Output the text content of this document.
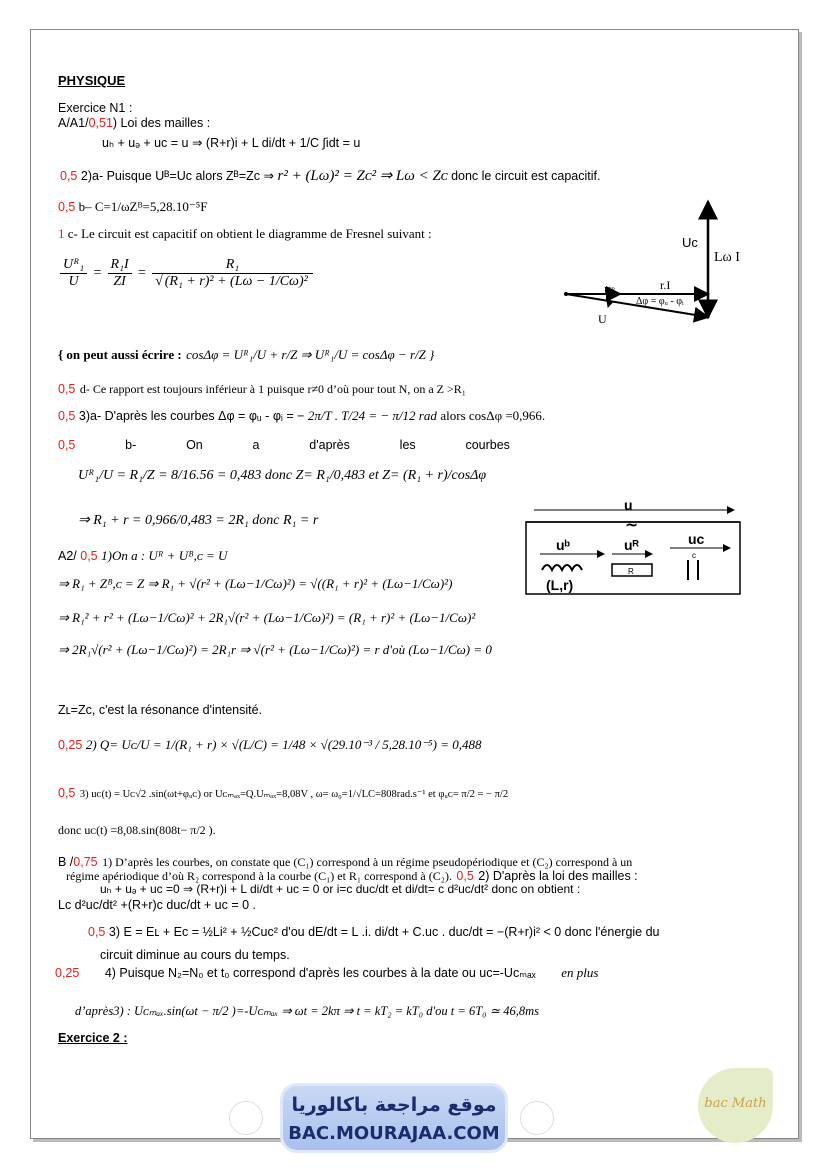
PHYSIQUE
Exercice N1 :
A/A1/0,51) Loi des mailles :
uₕ + uₔ + uᴄ = u ⇒ (R+r)i + L di/dt + 1/C ∫idt = u
0,5 2)a- Puisque Uᴮ=Uᴄ alors Zᴮ=Zᴄ ⇒ r² + (Lω)² = Zᴄ² ⇒ Lω < Zᴄ donc le circuit est capacitif.
0,5 b– C=1/ωZᴮ=5,28.10⁻⁵F
1 c- Le circuit est capacitif on obtient le diagramme de Fresnel suivant :
$\frac{\text{Uᴿ₁}}{U} = \frac{\text{R₁I}}{ZI} = \frac{\text{R₁}}{\text{√ (R₁ + r)² + (Lω − 1/Cω)²}}$
Uᴄ
Lω I
r.I
Uᴿ₁
Δφ = φᵤ - φᵢ
U
{ on peut aussi écrire : cosΔφ = Uᴿ₁/U + r/Z ⇒ Uᴿ₁/U = cosΔφ − r/Z }
0,5 d- Ce rapport est toujours inférieur à 1 puisque r≠0 d’où pour tout N, on a Z >R₁
0,5 3)a- D'après les courbes Δφ = φᵤ - φᵢ = − 2π/T . T/24 = − π/12 rad alors cosΔφ =0,966.
0,5	b-	On	a	d'après	les	courbes
Uᴿ₁/U = R₁/Z = 8/16.56 = 0,483 donc Z= R₁/0,483 et Z= (R₁ + r)/cosΔφ
⇒ R₁ + r = 0,966/0,483 = 2R₁ donc R₁ = r
u
∼
uᵇ
(L,r)
uᴿ
R
uᴄ
c
A2/ 0,5 1)On a : Uᴿ + Uᴮ,ᴄ = U
⇒ R₁ + Zᴮ,ᴄ = Z ⇒ R₁ + √(r² + (Lω−1/Cω)²) = √((R₁ + r)² + (Lω−1/Cω)²)
⇒ R₁² + r² + (Lω−1/Cω)² + 2R₁√(r² + (Lω−1/Cω)²) = (R₁ + r)² + (Lω−1/Cω)²
⇒ 2R₁√(r² + (Lω−1/Cω)²) = 2R₁r ⇒ √(r² + (Lω−1/Cω)²) = r d'où (Lω−1/Cω) = 0
Zʟ=Zᴄ, c'est la résonance d'intensité.
0,25 2) Q= Uᴄ/U = 1/(R₁ + r) × √(L/C) = 1/48 × √(29.10⁻³ / 5,28.10⁻⁵) = 0,488
0,5 3) uᴄ(t) = Uᴄ√2 .sin(ωt+φᵤᴄ) or Uᴄₘₐₓ=Q.Uₘₐₓ=8,08V , ω= ω₀=1/√LC=808rad.s⁻¹ et φᵤᴄ= π/2 = − π/2
donc uᴄ(t) =8,08.sin(808t− π/2 ).
B /0,75 1) D’après les courbes, on constate que (C₁) correspond à un régime pseudopériodique et (C₂) correspond à un
régime apériodique d’où R₂ correspond à la courbe (C₁) et R₁ correspond à (C₂). 0,5 2) D'après la loi des mailles :
uₕ + uₔ + uᴄ =0 ⇒ (R+r)i + L di/dt + uᴄ = 0 or i=c duᴄ/dt et di/dt= c d²uᴄ/dt² donc on obtient :
Lc d²uᴄ/dt² +(R+r)c duᴄ/dt + uᴄ = 0 .
0,5 3) E = Eʟ + Eᴄ = ½Li² + ½Cuᴄ² d'ou dE/dt = L .i. di/dt + C.uᴄ . duᴄ/dt = −(R+r)i² < 0 donc l'énergie du
circuit diminue au cours du temps.
0,25 4) Puisque N₂=N₀ et t₀ correspond d'après les courbes à la date ou uᴄ=-Uᴄₘₐₓ en plus
d’après3) : Uᴄₘₐₓ.sin(ωt − π/2 )=-Uᴄₘₐₓ ⇒ ωt = 2kπ ⇒ t = kT₂ = kT₀ d'ou t = 6T₀ ≃ 46,8ms
Exercice 2 :
موقع مراجعة باكالوريا
BAC.MOURAJAA.COM
bac Math
